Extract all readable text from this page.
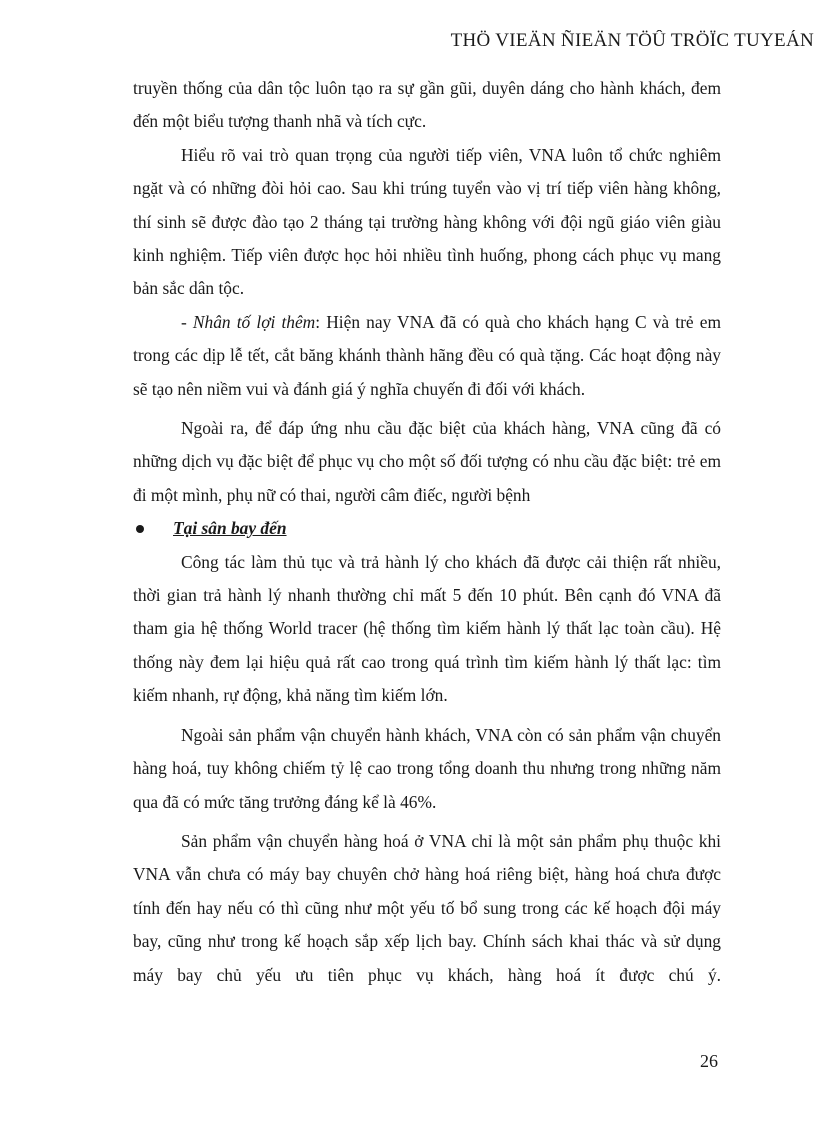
THÖ VIEÄN ÑIEÄN TÖÛ TRÖÏC TUYEÁN

truyền thống của dân tộc luôn tạo ra sự gần gũi, duyên dáng cho hành khách, đem đến một biểu tượng thanh nhã và tích cực.

Hiểu rõ vai trò quan trọng của người tiếp viên, VNA luôn tổ chức nghiêm ngặt và có những đòi hỏi cao. Sau khi trúng tuyển vào vị trí tiếp viên hàng không, thí sinh sẽ được đào tạo 2 tháng tại trường hàng không với đội ngũ giáo viên giàu kinh nghiệm. Tiếp viên được học hỏi nhiều tình huống, phong cách phục vụ mang bản sắc dân tộc.

- Nhân tố lợi thêm: Hiện nay VNA đã có quà cho khách hạng C và trẻ em trong các dịp lễ tết, cắt băng khánh thành hãng đều có quà tặng. Các hoạt động này sẽ tạo nên niềm vui và đánh giá ý nghĩa chuyến đi đối với khách.

Ngoài ra, để đáp ứng nhu cầu đặc biệt của khách hàng, VNA cũng đã có những dịch vụ đặc biệt để phục vụ cho một số đối tượng có nhu cầu đặc biệt: trẻ em đi một mình, phụ nữ có thai, người câm điếc, người bệnh

Tại sân bay đến

Công tác làm thủ tục và trả hành lý cho khách đã được cải thiện rất nhiều, thời gian trả hành lý nhanh thường chỉ mất 5 đến 10 phút. Bên cạnh đó VNA đã tham gia hệ thống World tracer (hệ thống tìm kiếm hành lý thất lạc toàn cầu). Hệ thống này đem lại hiệu quả rất cao trong quá trình tìm kiếm hành lý thất lạc: tìm kiếm nhanh, rự động, khả năng tìm kiếm lớn.

Ngoài sản phẩm vận chuyển hành khách, VNA còn có sản phẩm vận chuyển hàng hoá, tuy không chiếm tỷ lệ cao trong tổng doanh thu nhưng trong những năm qua đã có mức tăng trưởng đáng kể là 46%.

Sản phẩm vận chuyển hàng hoá ở VNA chỉ là một sản phẩm phụ thuộc khi VNA vẫn chưa có máy bay chuyên chở hàng hoá riêng biệt, hàng hoá chưa được tính đến hay nếu có thì cũng như một yếu tố bổ sung trong các kế hoạch đội máy bay, cũng như trong kế hoạch sắp xếp lịch bay. Chính sách khai thác và sử dụng máy bay chủ yếu ưu tiên phục vụ khách, hàng hoá ít được chú ý.

26
